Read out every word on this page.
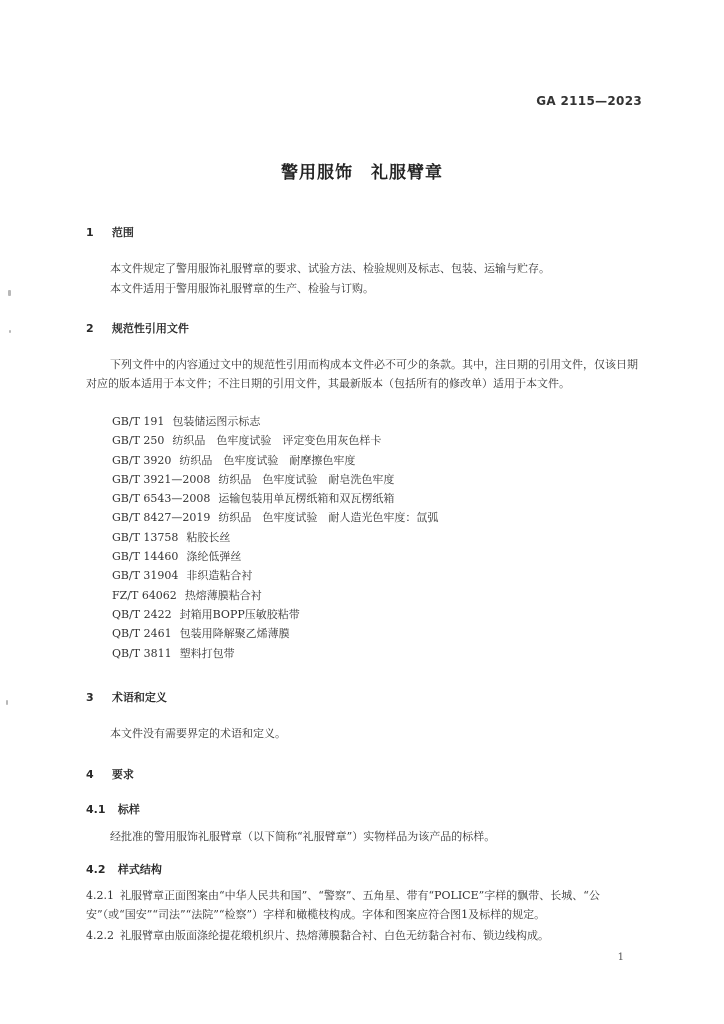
GA 2115—2023
警用服饰　礼服臂章
1 范围
本文件规定了警用服饰礼服臂章的要求、试验方法、检验规则及标志、包装、运输与贮存。
本文件适用于警用服饰礼服臂章的生产、检验与订购。
2 规范性引用文件
下列文件中的内容通过文中的规范性引用而构成本文件必不可少的条款。其中，注日期的引用文件，仅该日期对应的版本适用于本文件；不注日期的引用文件，其最新版本（包括所有的修改单）适用于本文件。
GB/T 191 包装储运图示标志
GB/T 250 纺织品　色牢度试验　评定变色用灰色样卡
GB/T 3920 纺织品　色牢度试验　耐摩擦色牢度
GB/T 3921—2008 纺织品　色牢度试验　耐皂洗色牢度
GB/T 6543—2008 运输包装用单瓦楞纸箱和双瓦楞纸箱
GB/T 8427—2019 纺织品　色牢度试验　耐人造光色牢度：氙弧
GB/T 13758 粘胶长丝
GB/T 14460 涤纶低弹丝
GB/T 31904 非织造粘合衬
FZ/T 64062 热熔薄膜粘合衬
QB/T 2422 封箱用BOPP压敏胶粘带
QB/T 2461 包装用降解聚乙烯薄膜
QB/T 3811 塑料打包带
3 术语和定义
本文件没有需要界定的术语和定义。
4 要求
4.1 标样
经批准的警用服饰礼服臂章（以下简称“礼服臂章”）实物样品为该产品的标样。
4.2 样式结构
4.2.1 礼服臂章正面图案由“中华人民共和国”、“警察”、五角星、带有“POLICE”字样的飘带、长城、“公安”（或“国安”“司法”“法院”“检察”）字样和橄榄枝构成。字体和图案应符合图1及标样的规定。
4.2.2 礼服臂章由版面涤纶提花缎机织片、热熔薄膜黏合衬、白色无纺黏合衬布、锁边线构成。
1
